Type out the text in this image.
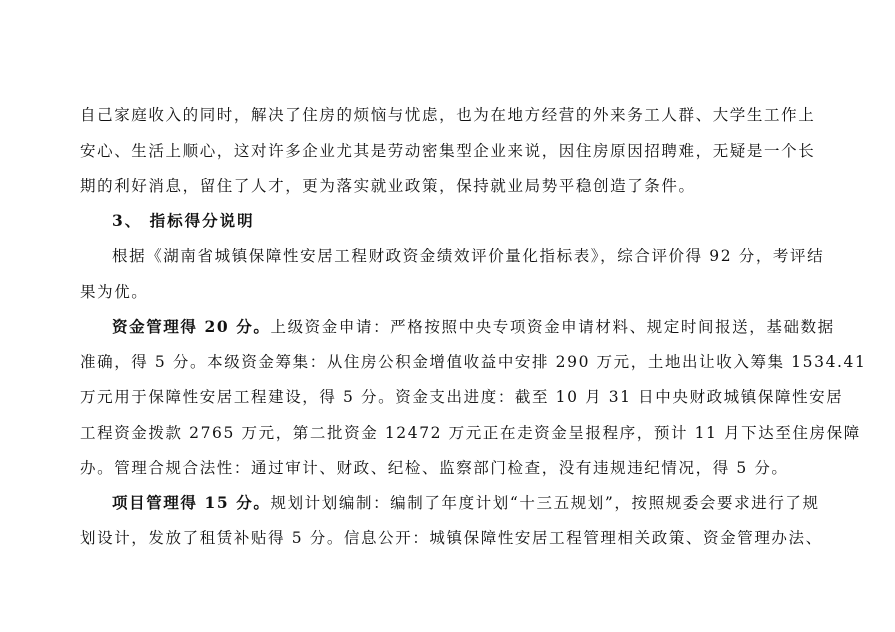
自己家庭收入的同时，解决了住房的烦恼与忧虑，也为在地方经营的外来务工人群、大学生工作上
安心、生活上顺心，这对许多企业尤其是劳动密集型企业来说，因住房原因招聘难，无疑是一个长
期的利好消息，留住了人才，更为落实就业政策，保持就业局势平稳创造了条件。
3、 指标得分说明
根据《湖南省城镇保障性安居工程财政资金绩效评价量化指标表》，综合评价得 92 分，考评结
果为优。
资金管理得 20 分。上级资金申请：严格按照中央专项资金申请材料、规定时间报送，基础数据
准确，得 5 分。本级资金筹集：从住房公积金增值收益中安排 290 万元，土地出让收入筹集 1534.41
万元用于保障性安居工程建设，得 5 分。资金支出进度：截至 10 月 31 日中央财政城镇保障性安居
工程资金拨款 2765 万元，第二批资金 12472 万元正在走资金呈报程序，预计 11 月下达至住房保障
办。管理合规合法性：通过审计、财政、纪检、监察部门检查，没有违规违纪情况，得 5 分。
项目管理得 15 分。规划计划编制：编制了年度计划“十三五规划”，按照规委会要求进行了规
划设计，发放了租赁补贴得 5 分。信息公开：城镇保障性安居工程管理相关政策、资金管理办法、
